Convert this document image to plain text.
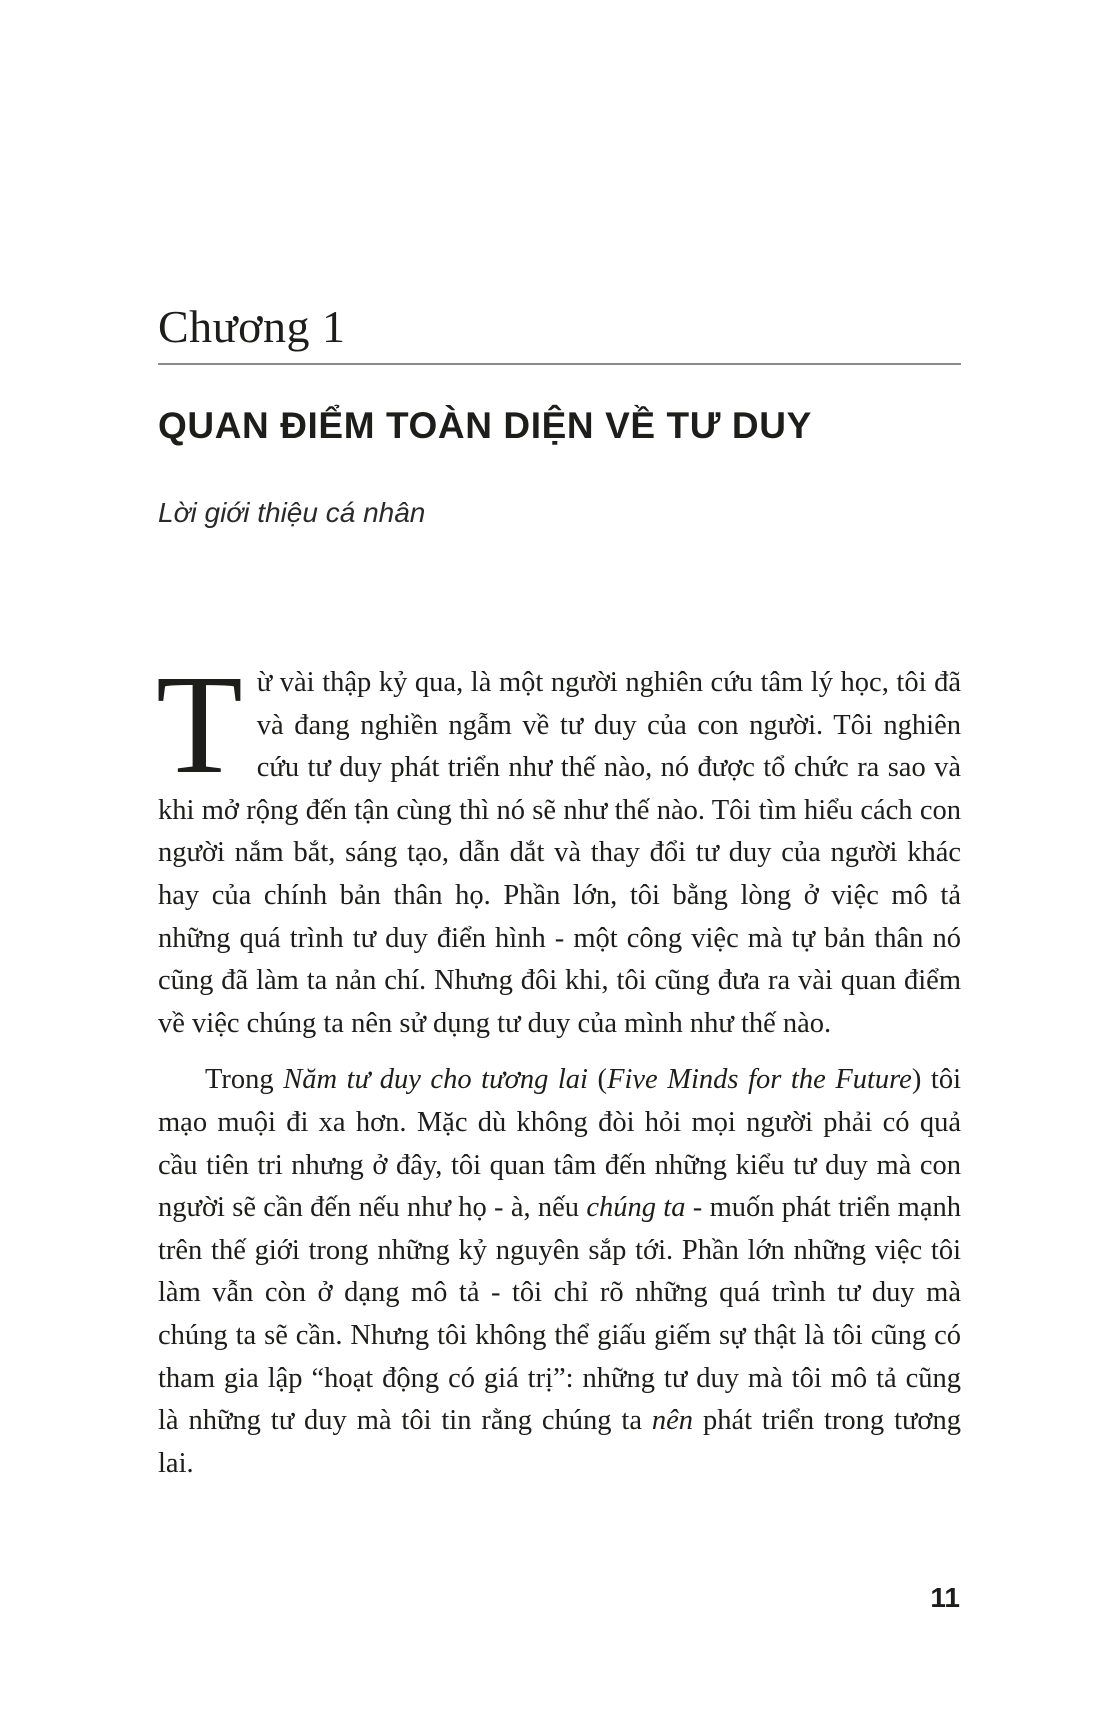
Chương 1
QUAN ĐIỂM TOÀN DIỆN VỀ TƯ DUY
Lời giới thiệu cá nhân

Từ vài thập kỷ qua, là một người nghiên cứu tâm lý học, tôi đã và đang nghiền ngẫm về tư duy của con người. Tôi nghiên cứu tư duy phát triển như thế nào, nó được tổ chức ra sao và khi mở rộng đến tận cùng thì nó sẽ như thế nào. Tôi tìm hiểu cách con người nắm bắt, sáng tạo, dẫn dắt và thay đổi tư duy của người khác hay của chính bản thân họ. Phần lớn, tôi bằng lòng ở việc mô tả những quá trình tư duy điển hình - một công việc mà tự bản thân nó cũng đã làm ta nản chí. Nhưng đôi khi, tôi cũng đưa ra vài quan điểm về việc chúng ta nên sử dụng tư duy của mình như thế nào.

Trong Năm tư duy cho tương lai (Five Minds for the Future) tôi mạo muội đi xa hơn. Mặc dù không đòi hỏi mọi người phải có quả cầu tiên tri nhưng ở đây, tôi quan tâm đến những kiểu tư duy mà con người sẽ cần đến nếu như họ - à, nếu chúng ta - muốn phát triển mạnh trên thế giới trong những kỷ nguyên sắp tới. Phần lớn những việc tôi làm vẫn còn ở dạng mô tả - tôi chỉ rõ những quá trình tư duy mà chúng ta sẽ cần. Nhưng tôi không thể giấu giếm sự thật là tôi cũng có tham gia lập “hoạt động có giá trị”: những tư duy mà tôi mô tả cũng là những tư duy mà tôi tin rằng chúng ta nên phát triển trong tương lai.

11
